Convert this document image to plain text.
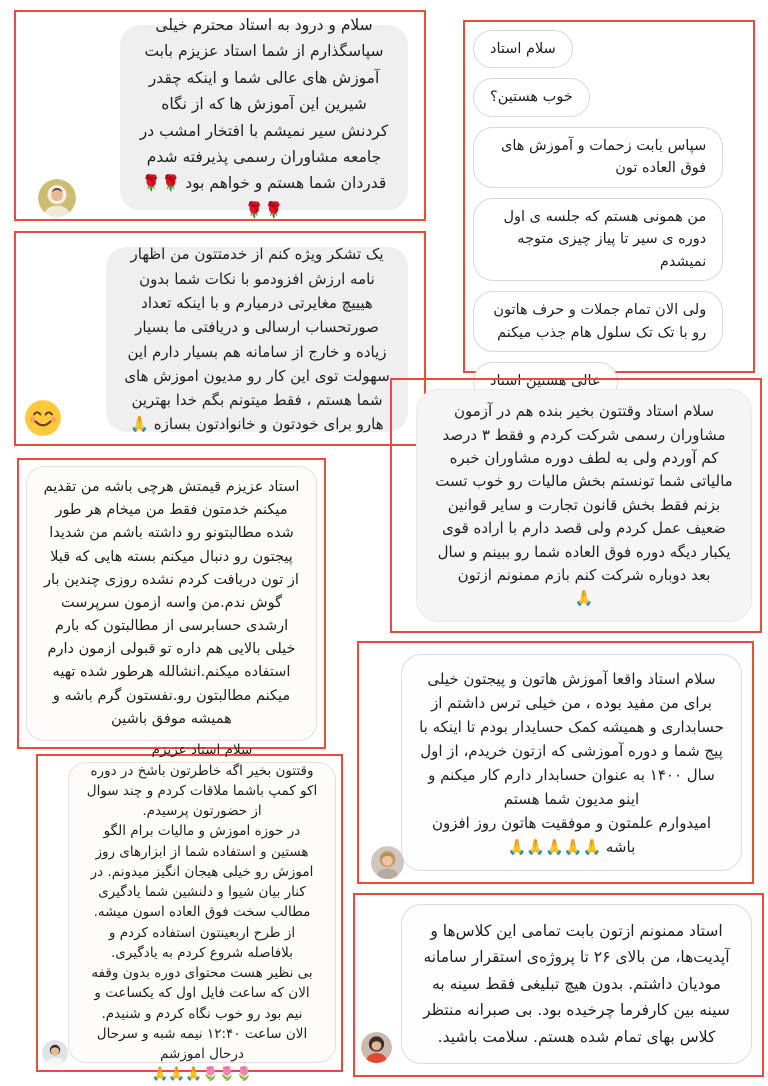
سلام و درود به استاد محترم خیلی سپاسگذارم از شما استاد عزیزم بابت آموزش های عالی شما و اینکه چقدر شیرین این آموزش ها که از نگاه کردنش سیر نمیشم با افتخار امشب در جامعه مشاوران رسمی پذیرفته شدم قدردان شما هستم و خواهم بود 🌹🌹🌹🌹
سلام استاد
خوب هستین؟
سپاس بابت زحمات و آموزش های فوق العاده تون
من همونی هستم که جلسه ی اول دوره ی سیر تا پیاز چیزی متوجه نمیشدم
ولی الان تمام جملات و حرف هاتون رو با تک تک سلول هام جذب میکنم
عالی هستین استاد
یک تشکر ویژه کنم از خدمتتون من اظهار نامه ارزش افزودمو با نکات شما بدون هیییچ مغایرتی درمیارم و با اینکه تعداد صورتحساب ارسالی و دریافتی ما بسیار زیاده و خارج از سامانه هم بسیار دارم این سهولت توی این کار رو مدیون اموزش های شما هستم ، فقط میتونم بگم خدا بهترین هارو برای خودتون و خانوادتون بسازه 🙏
سلام استاد وقتتون بخیر بنده هم در آزمون مشاوران رسمی شرکت کردم و فقط ۳ درصد کم آوردم ولی به لطف دوره مشاوران خبره مالیاتی شما تونستم بخش مالیات رو خوب تست بزنم فقط بخش قانون تجارت و سایر قوانین ضعیف عمل کردم ولی قصد دارم با اراده قوی یکبار دیگه دوره فوق العاده شما رو ببینم و سال بعد دوباره شرکت کنم بازم ممنونم ازتون
🙏
استاد عزیزم قیمتش هرچی باشه من تقدیم میکنم خدمتون فقط من میخام هر طور شده مطالبتونو رو داشته باشم من شدیدا پیجتون رو دنبال میکنم بسته هایی که قبلا از تون دریافت کردم نشده روزی چندین بار گوش ندم.من واسه ازمون سرپرست ارشدی حسابرسی از مطالبتون که بارم خیلی بالایی هم داره تو قبولی ازمون دارم استفاده میکنم.انشالله هرطور شده تهیه میکنم مطالبتون رو.نفستون گرم باشه و همیشه موفق باشین
سلام استاد واقعا آموزش هاتون و پیجتون خیلی برای من مفید بوده ، من خیلی ترس داشتم از حسابداری و همیشه کمک حسایدار بودم تا اینکه با پیج شما و دوره آموزشی که ازتون خریدم، از اول سال ۱۴۰۰ به عنوان حسابدار دارم کار میکنم و اینو مدیون شما هستم
امیدوارم علمتون و موفقیت هاتون روز افزون باشه 🙏🙏🙏🙏🙏
سلام استاد عزیزم
وقتتون بخیر اگه خاطرتون باشخ در دوره اکو کمپ باشما ملاقات کردم و چند سوال از حضورتون پرسیدم.
در حوزه اموزش و مالیات برام الگو هستین و استفاده شما از ابزارهای روز اموزش رو خیلی هیجان انگیز میدونم. در کنار بیان شیوا و دلنشین شما یادگیری مطالب سخت فوق العاده اسون میشه.
از طرح اربعینتون استفاده کردم و بلافاصله شروع کردم به یادگیری.
بی نظیر هست محتوای دوره بدون وقفه
الان که ساعت فایل اول که یکساعت و نیم بود رو خوب نگاه کردم و شنیدم.
الان ساعت ۱۲:۴۰ نیمه شبه و سرحال درحال اموزشم
🌷🌷🌷🙏🙏🙏
استاد ممنونم ازتون بابت تمامی این کلاس‌ها و آپدیت‌ها، من بالای ۲۶ تا پروژه‌ی استقرار سامانه مودیان داشتم. بدون هیچ تبلیغی فقط سینه به سینه بین کارفرما چرخیده بود. بی صبرانه منتظر کلاس بهای تمام شده هستم. سلامت باشید.
